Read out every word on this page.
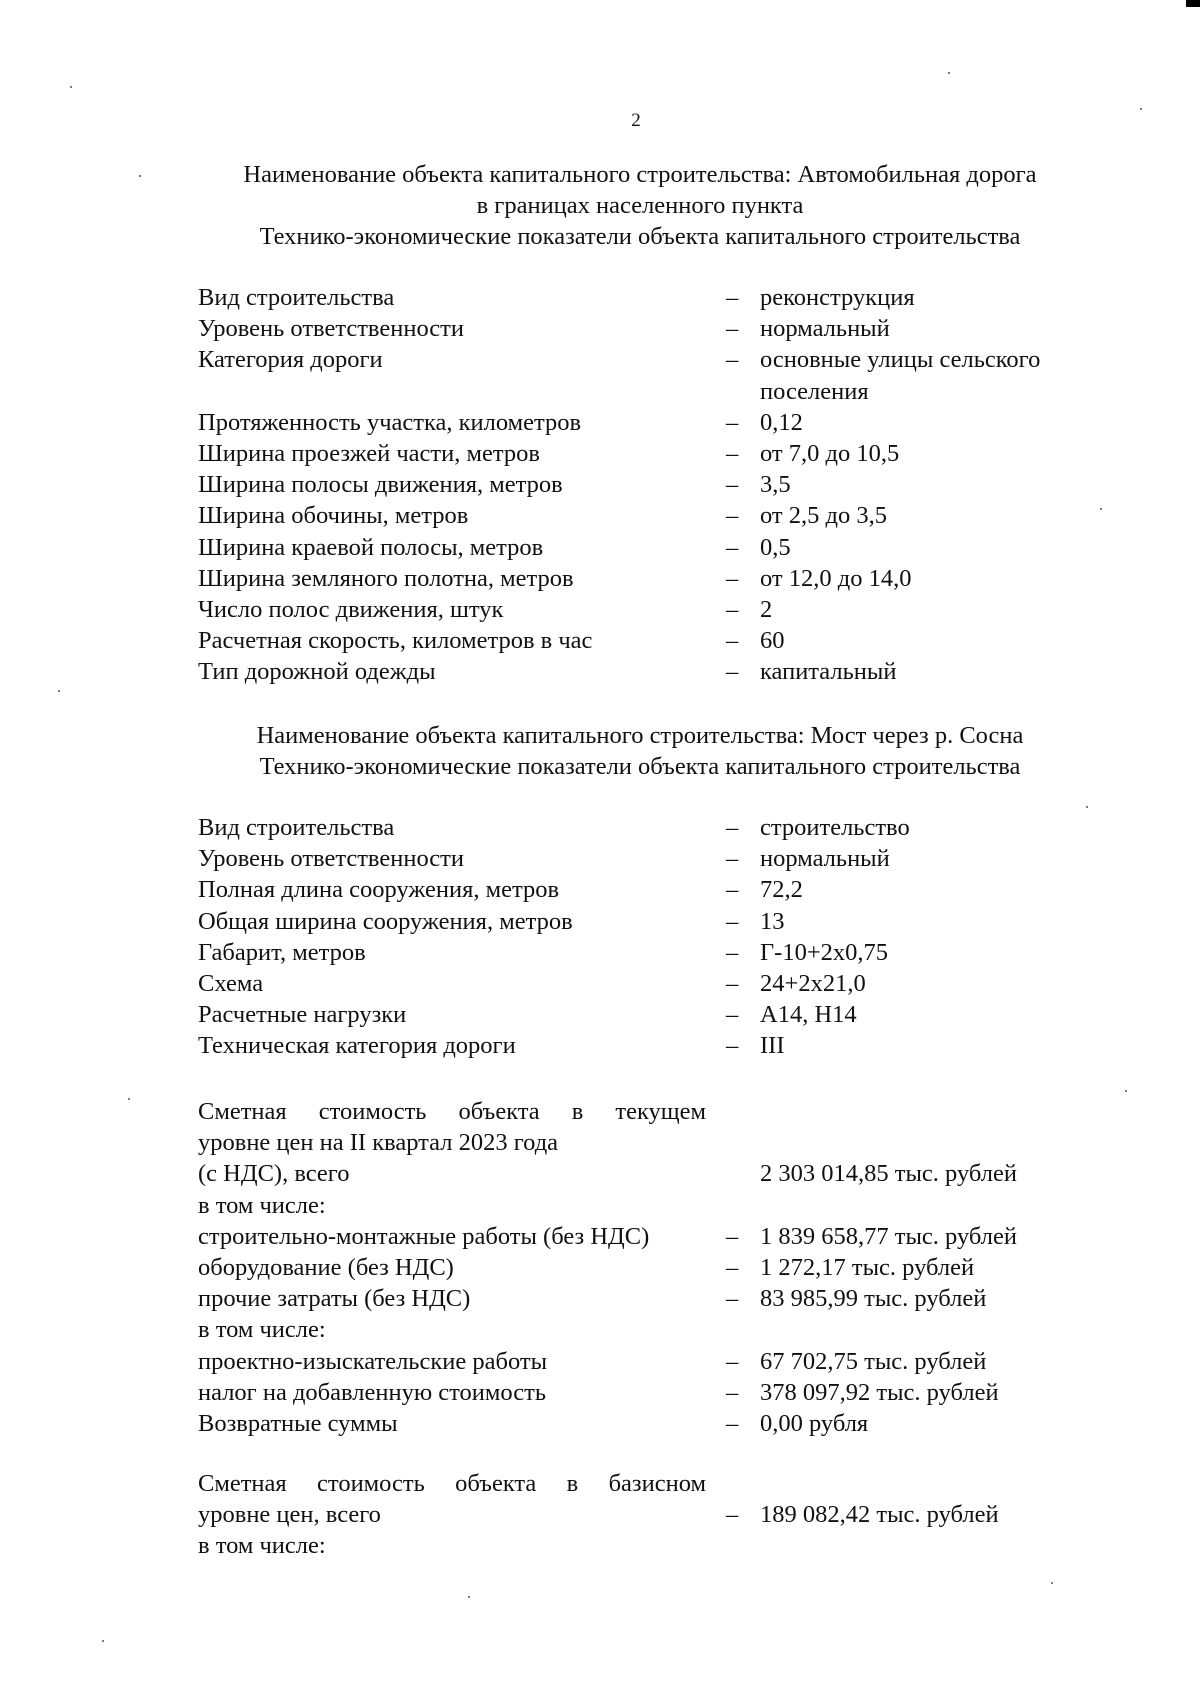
2
Наименование объекта капитального строительства: Автомобильная дорога
в границах населенного пункта
Технико-экономические показатели объекта капитального строительства
Вид строительства	– реконструкция
Уровень ответственности	– нормальный
Категория дороги	– основные улицы сельского
поселения
Протяженность участка, километров	– 0,12
Ширина проезжей части, метров	– от 7,0 до 10,5
Ширина полосы движения, метров	– 3,5
Ширина обочины, метров	– от 2,5 до 3,5
Ширина краевой полосы, метров	– 0,5
Ширина земляного полотна, метров	– от 12,0 до 14,0
Число полос движения, штук	– 2
Расчетная скорость, километров в час	– 60
Тип дорожной одежды	– капитальный
Наименование объекта капитального строительства: Мост через р. Сосна
Технико-экономические показатели объекта капитального строительства
Вид строительства	– строительство
Уровень ответственности	– нормальный
Полная длина сооружения, метров	– 72,2
Общая ширина сооружения, метров	– 13
Габарит, метров	– Г-10+2х0,75
Схема	– 24+2х21,0
Расчетные нагрузки	– А14, Н14
Техническая категория дороги	– III
Сметная стоимость объекта в текущем
уровне цен на II квартал 2023 года
(с НДС), всего	2 303 014,85 тыс. рублей
в том числе:
строительно-монтажные работы (без НДС)	– 1 839 658,77 тыс. рублей
оборудование (без НДС)	– 1 272,17 тыс. рублей
прочие затраты (без НДС)	– 83 985,99 тыс. рублей
в том числе:
проектно-изыскательские работы	– 67 702,75 тыс. рублей
налог на добавленную стоимость	– 378 097,92 тыс. рублей
Возвратные суммы	– 0,00 рубля
Сметная стоимость объекта в базисном
уровне цен, всего	– 189 082,42 тыс. рублей
в том числе:
